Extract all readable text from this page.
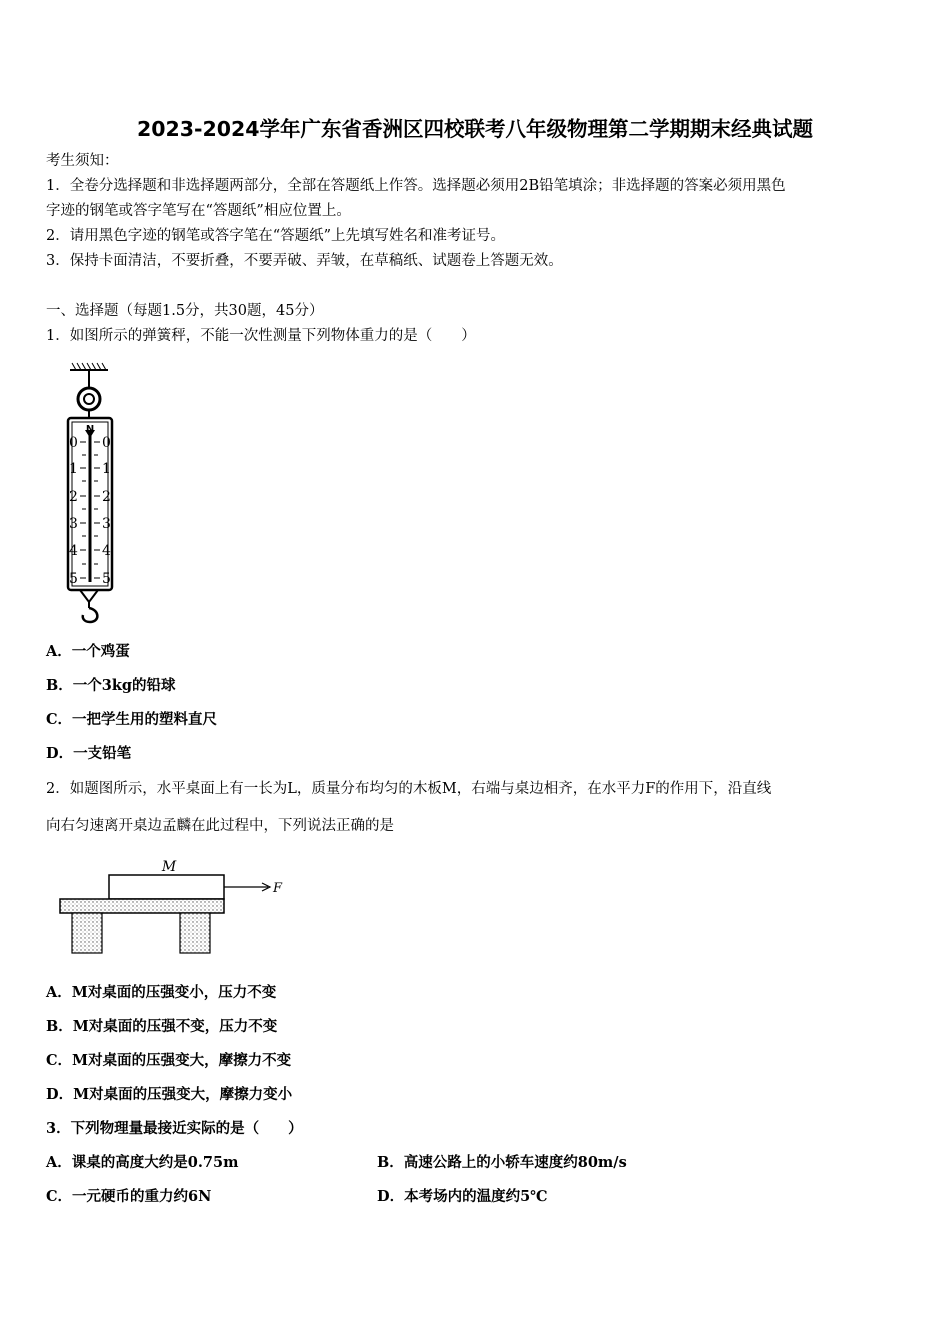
2023-2024学年广东省香洲区四校联考八年级物理第二学期期末经典试题
考生须知：
1．全卷分选择题和非选择题两部分，全部在答题纸上作答。选择题必须用2B铅笔填涂；非选择题的答案必须用黑色
字迹的钢笔或答字笔写在“答题纸”相应位置上。
2．请用黑色字迹的钢笔或答字笔在“答题纸”上先填写姓名和准考证号。
3．保持卡面清洁，不要折叠，不要弄破、弄皱，在草稿纸、试题卷上答题无效。
一、选择题（每题1.5分，共30题，45分）
1．如图所示的弹簧秤，不能一次性测量下列物体重力的是（　　）
N
0
1
2
3
4
5
0
1
2
3
4
5
A．一个鸡蛋
B．一个3kg的铅球
C．一把学生用的塑料直尺
D．一支铅笔
2．如题图所示，水平桌面上有一长为L，质量分布均匀的木板M，右端与桌边相齐，在水平力F的作用下，沿直线
向右匀速离开桌边孟麟在此过程中，下列说法正确的是
M
F
A．M对桌面的压强变小，压力不变
B．M对桌面的压强不变，压力不变
C．M对桌面的压强变大，摩擦力不变
D．M对桌面的压强变大，摩擦力变小
3．下列物理量最接近实际的是（　　）
A．课桌的高度大约是0.75m	B．高速公路上的小轿车速度约80m/s
C．一元硬币的重力约6N	D．本考场内的温度约5℃
